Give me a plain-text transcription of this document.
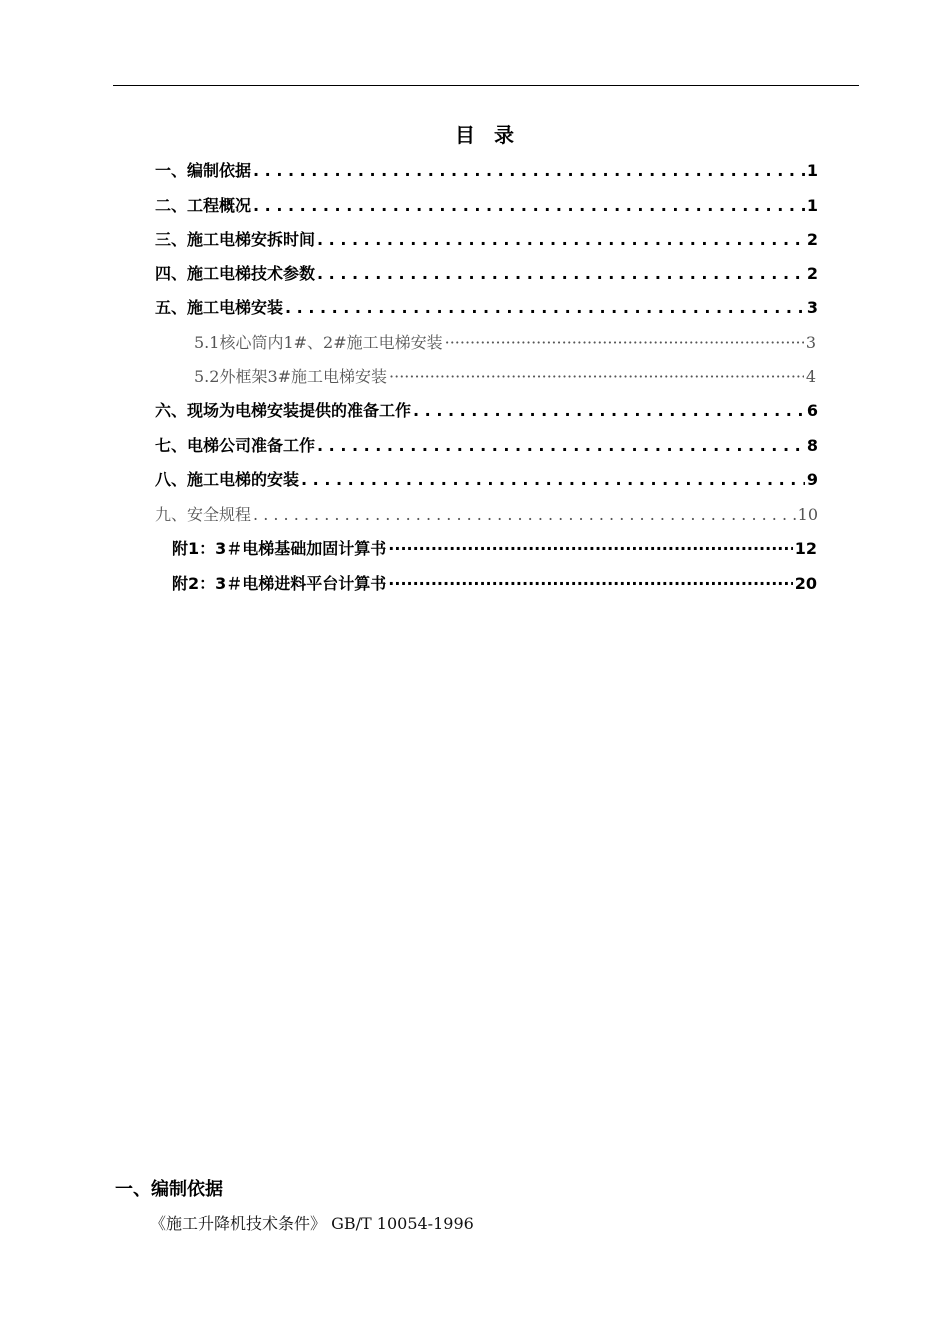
目 录
一、编制依据 . . .	1
二、工程概况 . . .	1
三、施工电梯安拆时间 . . .	2
四、施工电梯技术参数 . . .	2
五、施工电梯安装 . . .	3
5.1核心筒内1#、2#施工电梯安装 ·····	3
5.2外框架3#施工电梯安装 ·····	4
六、现场为电梯安装提供的准备工作 . . .	6
七、电梯公司准备工作 . . .	8
八、施工电梯的安装 . . .	9
九、安全规程 . . .	10
附1：3＃电梯基础加固计算书 ·····	12
附2：3＃电梯进料平台计算书 ·····	20
一、编制依据
《施工升降机技术条件》 GB/T 10054-1996
